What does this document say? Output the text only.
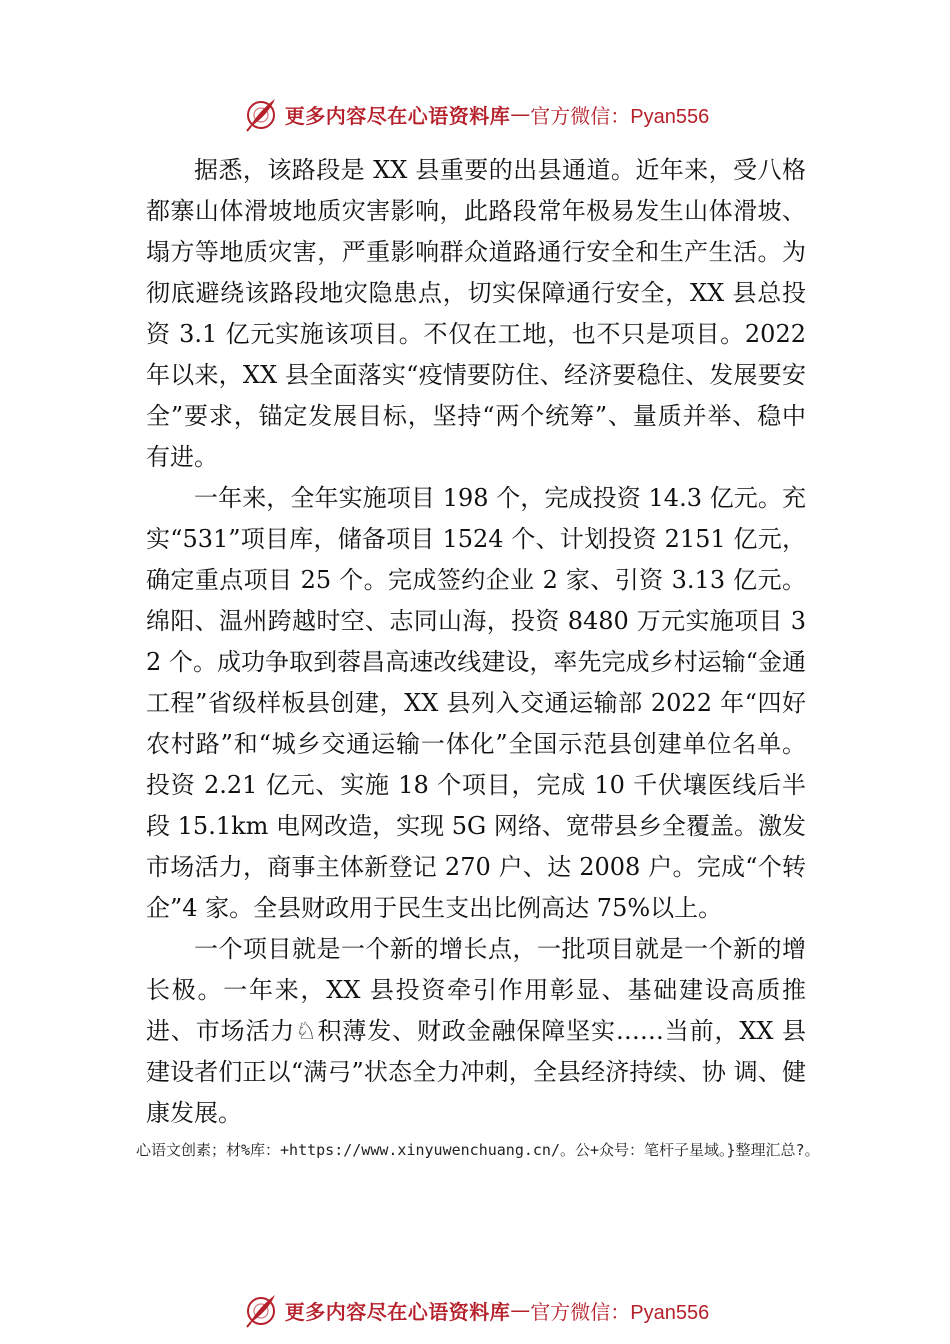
更多内容尽在心语资料库 — 官方微信：Pyan556

据悉，该路段是 XX 县重要的出县通道。近年来，受八格都寨山体滑坡地质灾害影响，此路段常年极易发生山体滑坡、塌方等地质灾害，严重影响群众道路通行安全和生产生活。为彻底避绕该路段地灾隐患点，切实保障通行安全，XX 县总投资 3.1 亿元实施该项目。不仅在工地，也不只是项目。2022 年以来，XX 县全面落实“疫情要防住、经济要稳住、发展要安全”要求，锚定发展目标，坚持“两个统筹”、量质并举、稳中有进。

一年来，全年实施项目 198 个，完成投资 14.3 亿元。充实“531”项目库，储备项目 1524 个、计划投资 2151 亿元，确定重点项目 25 个。完成签约企业 2 家、引资 3.13 亿元。绵阳、温州跨越时空、志同山海，投资 8480 万元实施项目 32 个。成功争取到蓉昌高速改线建设，率先完成乡村运输“金通工程”省级样板县创建，XX 县列入交通运输部 2022 年“四好农村路”和“城乡交通运输一体化”全国示范县创建单位名单。投资 2.21 亿元、实施 18 个项目，完成 10 千伏壤医线后半段 15.1km 电网改造，实现 5G 网络、宽带县乡全覆盖。激发市场活力，商事主体新登记 270 户、达 2008 户。完成“个转企”4 家。全县财政用于民生支出比例高达 75%以上。

一个项目就是一个新的增长点，一批项目就是一个新的增长极。一年来，XX 县投资牵引作用彰显、基础建设高质推进、市场活力♘积薄发、财政金融保障坚实……当前，XX 县建设者们正以“满弓”状态全力冲刺，全县经济持续、协 调、健康发展。

心语文创素；材%库：+https://www.xinyuwenchuang.cn/。公+众号：笔杆子星域。}整理汇总?。
更多内容尽在心语资料库 — 官方微信：Pyan556
